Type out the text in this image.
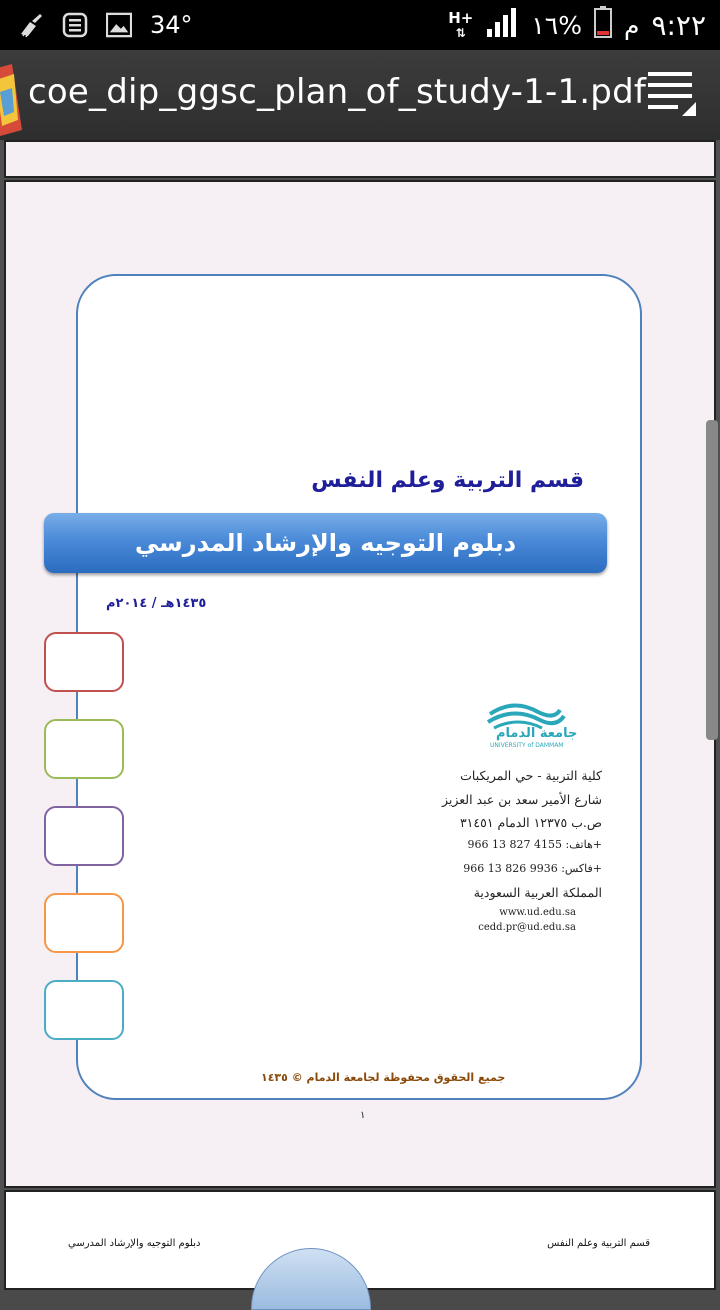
34°	H+
⇅	١٦% م ٩:٢٢
coe_dip_ggsc_plan_of_study-1-1.pdf
قسم التربية وعلم النفس
دبلوم التوجيه والإرشاد المدرسي
١٤٣٥هـ / ٢٠١٤م
جامعة الدمام
UNIVERSITY of DAMMAM
كلية التربية - حي المريكبات
شارع الأمير سعد بن عبد العزيز
ص.ب ١٢٣٧٥ الدمام ٣١٤٥١
هاتف: 4155 827 13 966+
فاكس: 9936 826 13 966+
المملكة العربية السعودية
www.ud.edu.sa
cedd.pr@ud.edu.sa
جميع الحقوق محفوظة لجامعة الدمام © ١٤٣٥
١
دبلوم التوجيه والإرشاد المدرسي	قسم التربية وعلم النفس
